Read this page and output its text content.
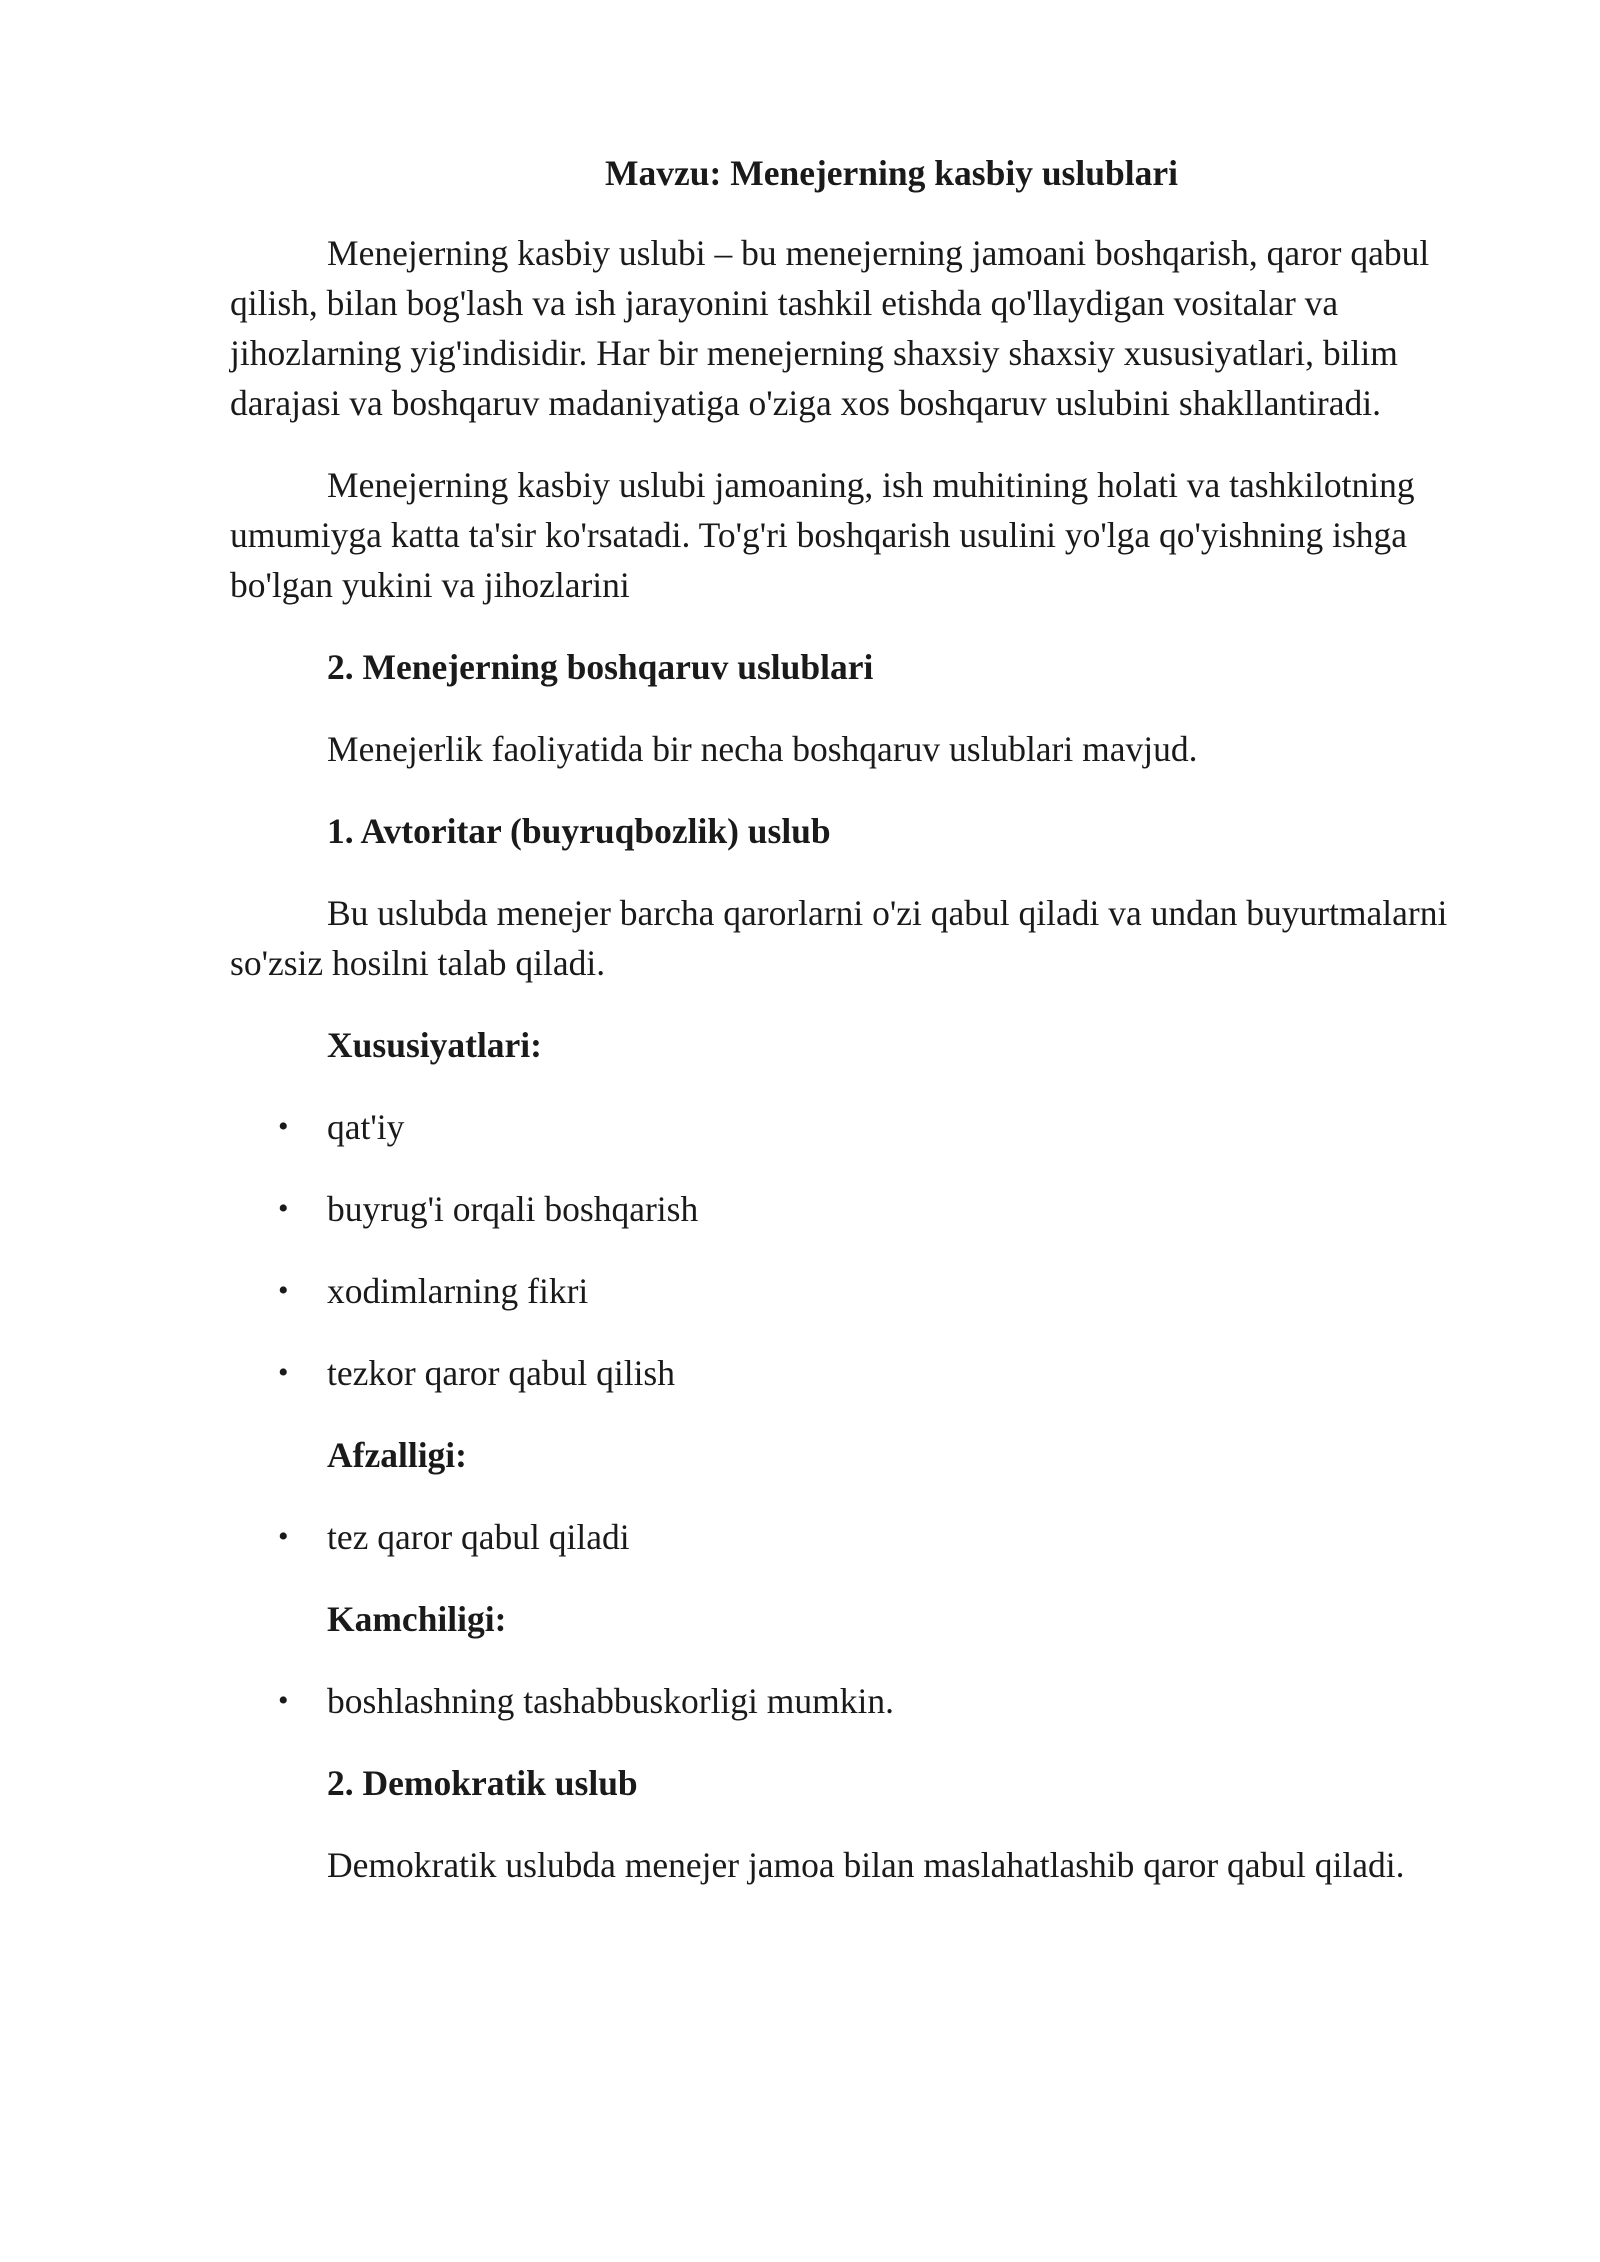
Mavzu: Menejerning kasbiy uslublari

Menejerning kasbiy uslubi – bu menejerning jamoani boshqarish, qaror qabul qilish, bilan bog'lash va ish jarayonini tashkil etishda qo'llaydigan vositalar va jihozlarning yig'indisidir. Har bir menejerning shaxsiy shaxsiy xususiyatlari, bilim darajasi va boshqaruv madaniyatiga o'ziga xos boshqaruv uslubini shakllantiradi.

Menejerning kasbiy uslubi jamoaning, ish muhitining holati va tashkilotning umumiyga katta ta'sir ko'rsatadi. To'g'ri boshqarish usulini yo'lga qo'yishning ishga bo'lgan yukini va jihozlarini

2. Menejerning boshqaruv uslublari

Menejerlik faoliyatida bir necha boshqaruv uslublari mavjud.

1. Avtoritar (buyruqbozlik) uslub

Bu uslubda menejer barcha qarorlarni o'zi qabul qiladi va undan buyurtmalarni so'zsiz hosilni talab qiladi.

Xususiyatlari:

• qat'iy
• buyrug'i orqali boshqarish
• xodimlarning fikri
• tezkor qaror qabul qilish

Afzalligi:

• tez qaror qabul qiladi

Kamchiligi:

• boshlashning tashabbuskorligi mumkin.

2. Demokratik uslub

Demokratik uslubda menejer jamoa bilan maslahatlashib qaror qabul qiladi.
